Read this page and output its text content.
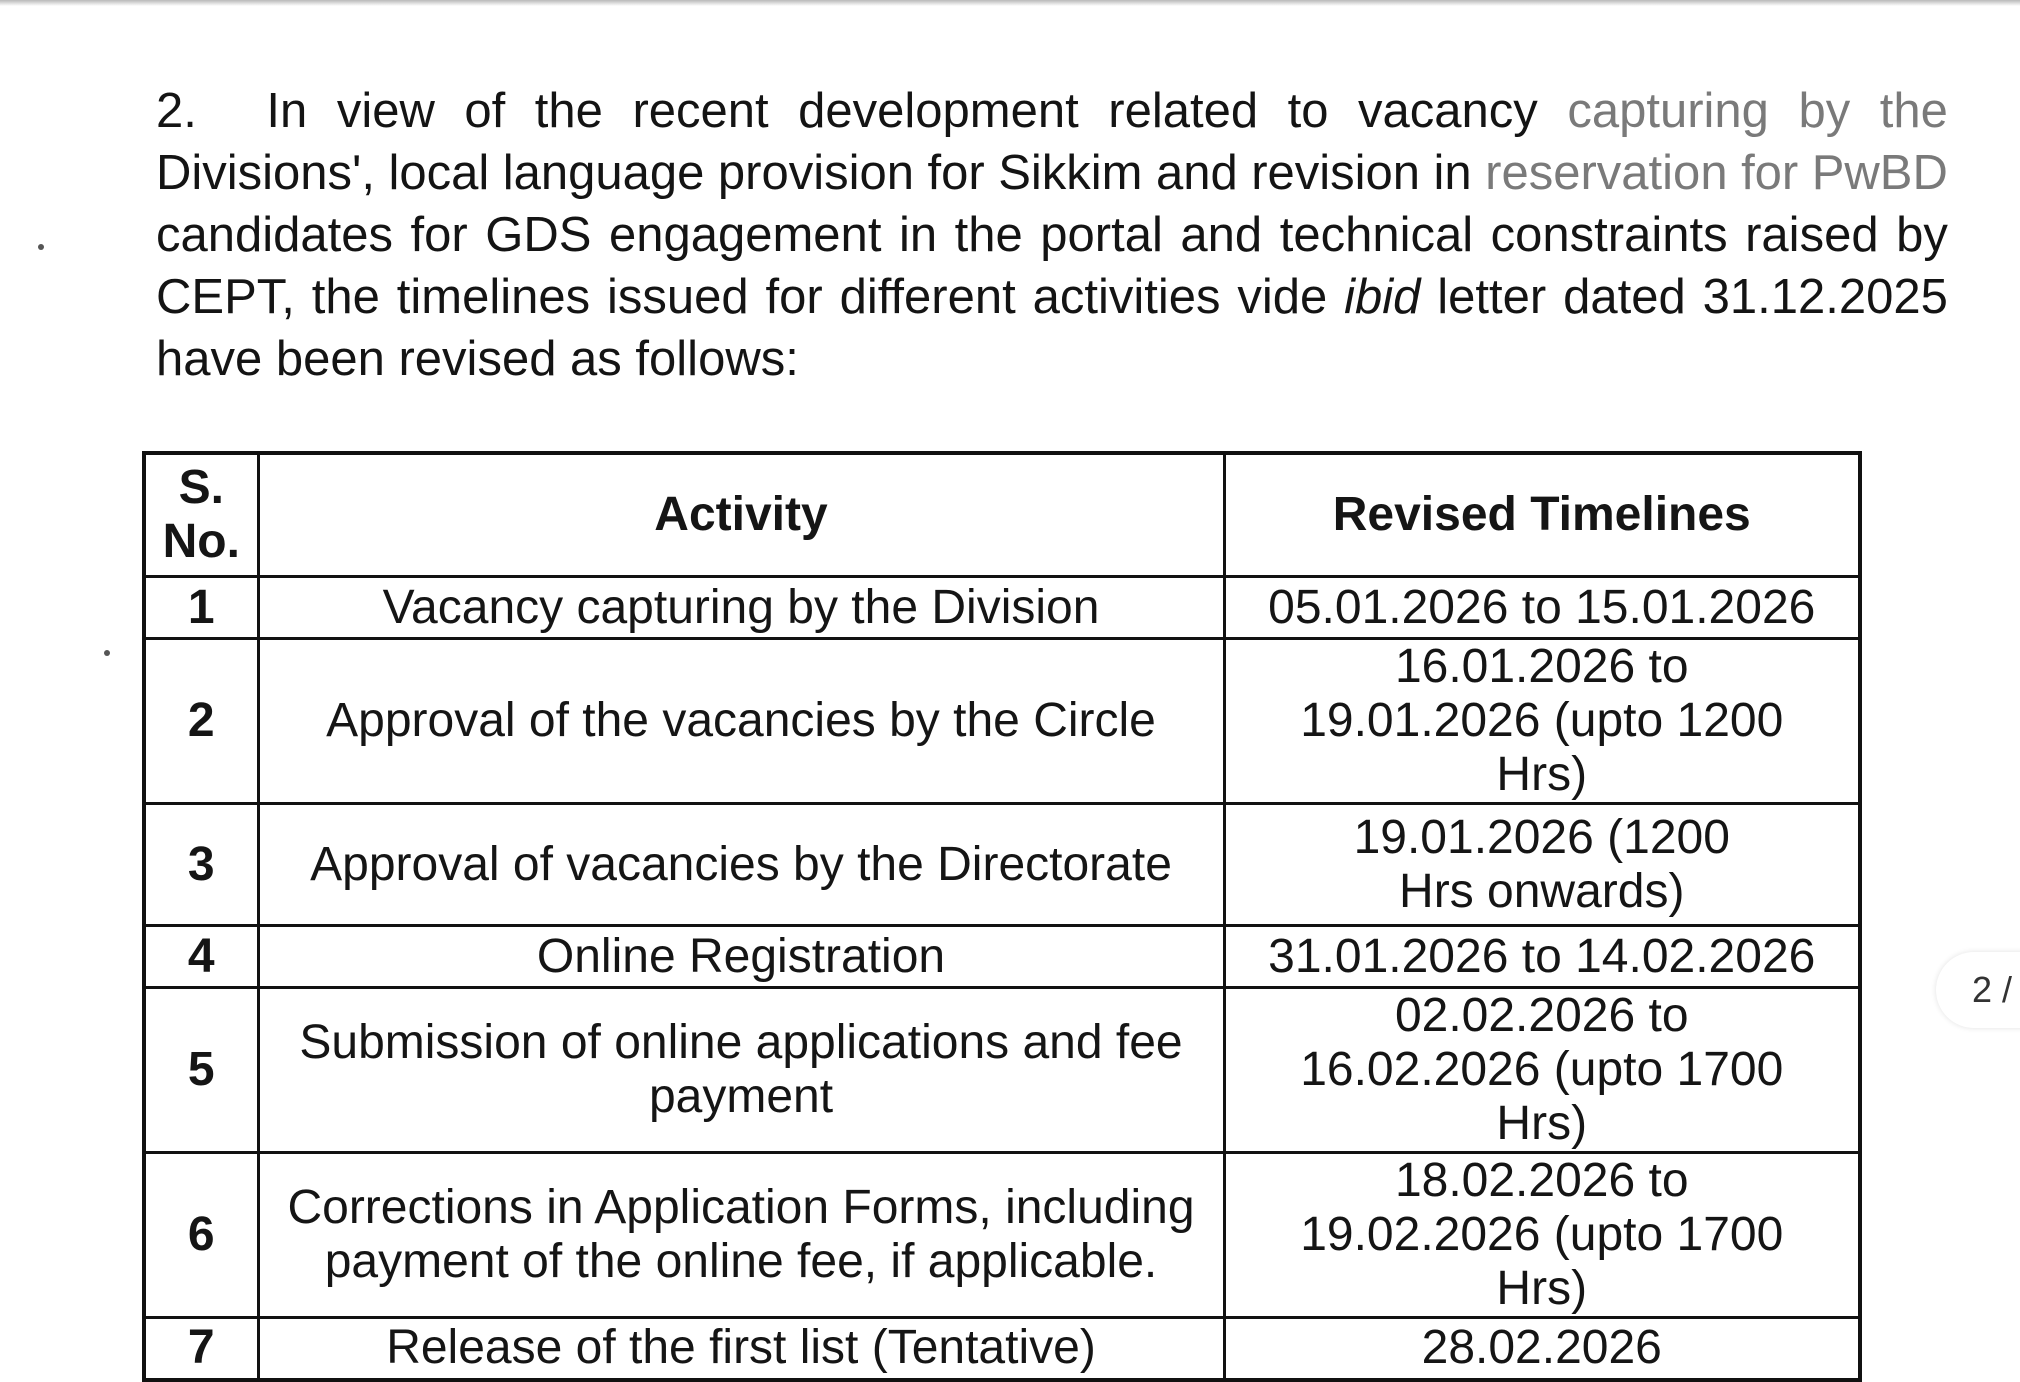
2. In view of the recent development related to vacancy capturing by the
Divisions', local language provision for Sikkim and revision in reservation for PwBD
candidates for GDS engagement in the portal and technical constraints raised by
CEPT, the timelines issued for different activities vide ibid letter dated 31.12.2025
have been revised as follows:
S. No.	Activity	Revised Timelines
1	Vacancy capturing by the Division	05.01.2026 to 15.01.2026
2	Approval of the vacancies by the Circle	16.01.2026 to 19.01.2026 (upto 1200 Hrs)
3	Approval of vacancies by the Directorate	19.01.2026 (1200 Hrs onwards)
4	Online Registration	31.01.2026 to 14.02.2026
5	Submission of online applications and fee payment	02.02.2026 to 16.02.2026 (upto 1700 Hrs)
6	Corrections in Application Forms, including payment of the online fee, if applicable.	18.02.2026 to 19.02.2026 (upto 1700 Hrs)
7	Release of the first list (Tentative)	28.02.2026
2 /
